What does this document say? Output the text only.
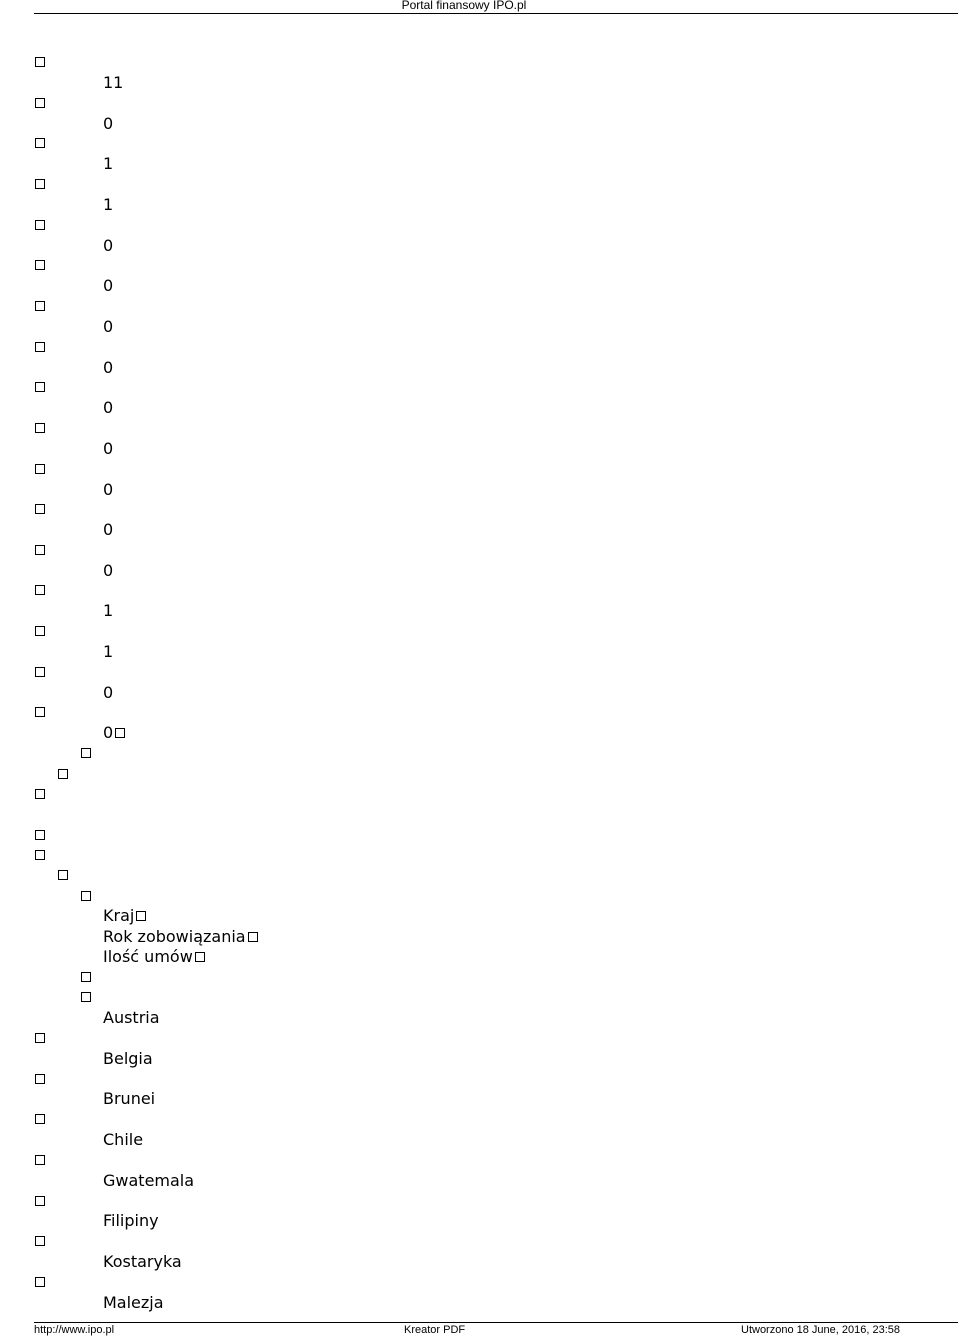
Portal finansowy IPO.pl
11
0
1
1
0
0
0
0
0
0
0
0
0
1
1
0
0
Kraj
Rok zobowiązania
Ilość umów
Austria
Belgia
Brunei
Chile
Gwatemala
Filipiny
Kostaryka
Malezja
http://www.ipo.pl	Kreator PDF	Utworzono 18 June, 2016, 23:58
